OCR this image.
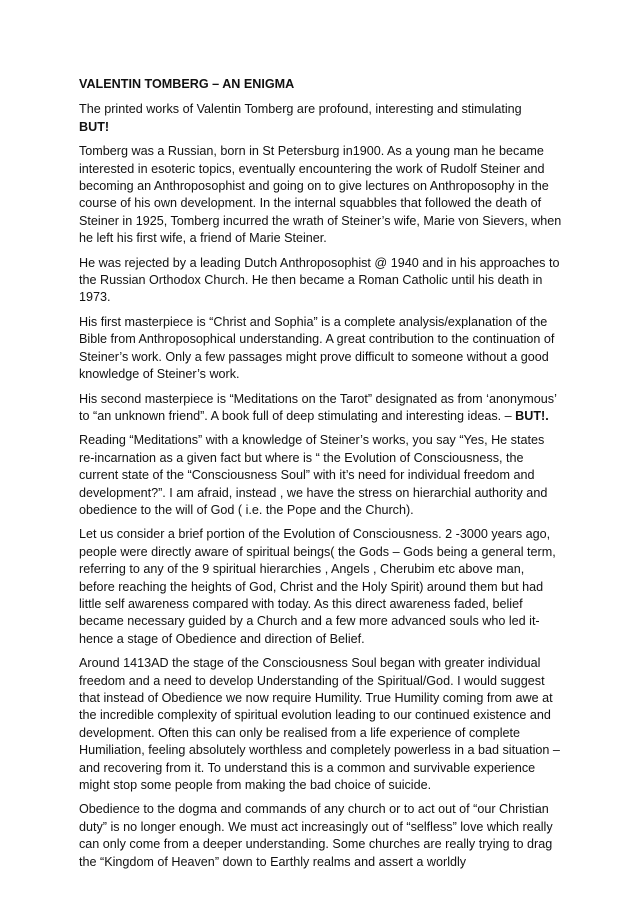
VALENTIN TOMBERG – AN ENIGMA
The printed works of Valentin Tomberg are profound, interesting and stimulating
BUT!
Tomberg was a Russian, born in St Petersburg in1900. As a young man he became interested in esoteric topics, eventually encountering the work of Rudolf Steiner and becoming an Anthroposophist and going on to give lectures on Anthroposophy in the course of his own development. In the internal squabbles that followed the death of Steiner in 1925, Tomberg incurred the wrath of Steiner’s wife, Marie von Sievers, when he left his first wife, a friend of Marie Steiner.
He was rejected by a leading Dutch Anthroposophist @ 1940 and in his approaches to the Russian Orthodox Church. He then became a Roman Catholic until his death in 1973.
His first masterpiece is “Christ and Sophia” is a complete analysis/explanation of the Bible from Anthroposophical understanding. A great contribution to the continuation of Steiner’s work. Only a few passages might prove difficult to someone without a good knowledge of Steiner’s work.
His second masterpiece is “Meditations on the Tarot” designated as from ‘anonymous’ to “an unknown friend”. A book full of deep stimulating and interesting ideas. – BUT!.
Reading “Meditations” with a knowledge of Steiner’s works, you say “Yes, He states re-incarnation as a given fact but where is “ the Evolution of Consciousness, the current state of the “Consciousness Soul” with it’s need for individual freedom and development?”. I am afraid, instead , we have the stress on hierarchial authority and obedience to the will of God ( i.e. the Pope and the Church).
Let us consider a brief portion of the Evolution of Consciousness. 2 -3000 years ago, people were directly aware of spiritual beings( the Gods – Gods being a general term, referring to any of the 9 spiritual hierarchies , Angels , Cherubim etc above man, before reaching the heights of God, Christ and the Holy Spirit) around them but had little self awareness compared with today. As this direct awareness faded, belief became necessary guided by a Church and a few more advanced souls who led it-hence a stage of Obedience and direction of Belief.
Around 1413AD the stage of the Consciousness Soul began with greater individual freedom and a need to develop Understanding of the Spiritual/God. I would suggest that instead of Obedience we now require Humility. True Humility coming from awe at the incredible complexity of spiritual evolution leading to our continued existence and development. Often this can only be realised from a life experience of complete Humiliation, feeling absolutely worthless and completely powerless in a bad situation – and recovering from it. To understand this is a common and survivable experience might stop some people from making the bad choice of suicide.
Obedience to the dogma and commands of any church or to act out of “our Christian duty” is no longer enough. We must act increasingly out of “selfless” love which really can only come from a deeper understanding. Some churches are really trying to drag the “Kingdom of Heaven” down to Earthly realms and assert a worldly
